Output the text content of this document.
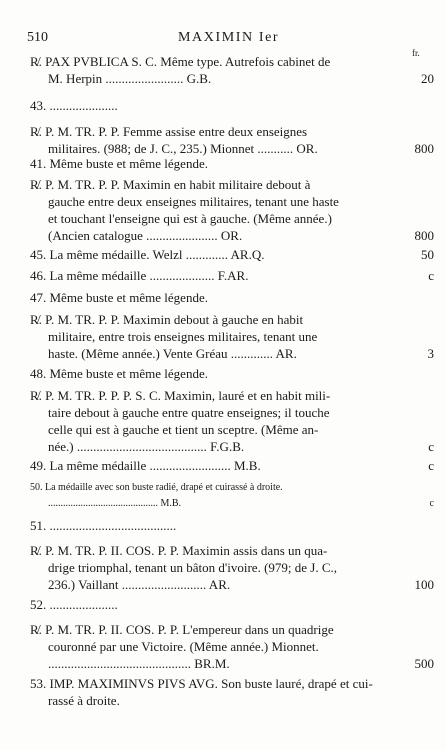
510	MAXIMIN Ier
fr.
R̸. PAX PVBLICA S. C. Même type. Autrefois cabinet de
M. Herpin ........................ G.B.	20
43. .....................
R̸. P. M. TR. P. P. Femme assise entre deux enseignes
militaires. (988; de J. C., 235.) Mionnet ........... OR.	800
41. Même buste et même légende.
R̸. P. M. TR. P. P. Maximin en habit militaire debout à
gauche entre deux enseignes militaires, tenant une haste
et touchant l'enseigne qui est à gauche. (Même année.)
(Ancien catalogue ...................... OR.	800
45. La même médaille. Welzl ............. AR.Q.	50
46. La même médaille .................... F.AR.	c
47. Même buste et même légende.
R̸. P. M. TR. P. P. Maximin debout à gauche en habit
militaire, entre trois enseignes militaires, tenant une
haste. (Même année.) Vente Gréau ............. AR.	3
48. Même buste et même légende.
R̸. P. M. TR. P. P. P. S. C. Maximin, lauré et en habit mili-
taire debout à gauche entre quatre enseignes; il touche
celle qui est à gauche et tient un sceptre. (Même an-
née.) ........................................ F.G.B.	c
49. La même médaille ......................... M.B.	c
50. La médaille avec son buste radié, drapé et cuirassé à droite.
............................................ M.B.	c
51. .......................................
R̸. P. M. TR. P. II. COS. P. P. Maximin assis dans un qua-
drige triomphal, tenant un bâton d'ivoire. (979; de J. C.,
236.) Vaillant .......................... AR.	100
52. .....................
R̸. P. M. TR. P. II. COS. P. P. L'empereur dans un quadrige
couronné par une Victoire. (Même année.) Mionnet.
............................................ BR.M.	500
53. IMP. MAXIMINVS PIVS AVG. Son buste lauré, drapé et cui-
rassé à droite.
